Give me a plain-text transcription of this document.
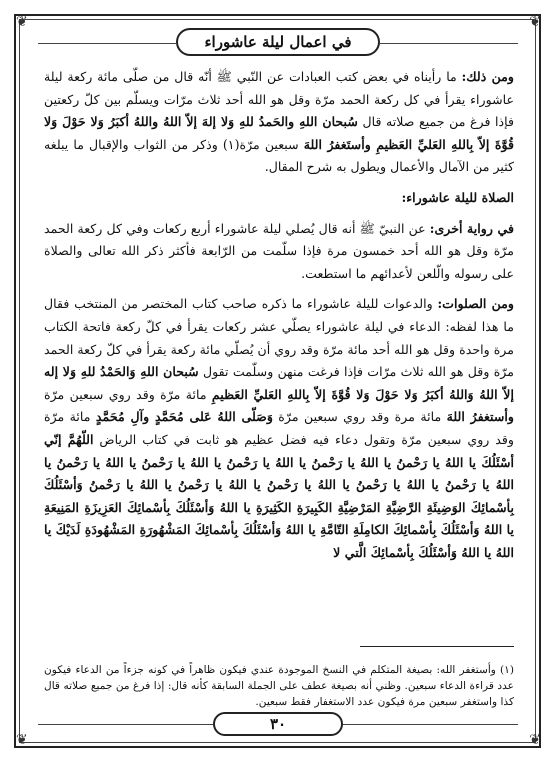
❦	❦
❦	❦
في اعمال ليلة عاشوراء

ومن ذلك: ما رأيناه في بعض كتب العبادات عن النّبي ﷺ أنّه قال من صلّى مائة ركعة ليلة عاشوراء يقرأ في كل ركعة الحمد مرّة وقل هو الله أحد ثلاث مرّات ويسلّم بين كلّ ركعتين فإذا فرغ من جميع صلاته قال سُبحان اللهِ والحَمدُ للهِ وَلا إلهَ إلاّ اللهُ واللهُ أكبَرُ وَلا حَوْلَ وَلا قُوَّةَ إلاّ بِاللهِ العَليِّ العَظيمِ وأستَغفرُ اللهَ سبعين مرّة(١) وذكر من الثواب والإقبال ما يبلغه كثير من الآمال والأعمال ويطول به شرح المقال.

الصلاة لليلة عاشوراء:

في رواية أخرى: عن النبيّ ﷺ أنه قال يُصلي ليلة عاشوراء أربع ركعات وفي كل ركعة الحمد مرّة وقل هو الله أحد خمسون مرة فإذا سلّمت من الرّابعة فأكثر ذكر الله تعالى والصلاة على رسوله والّلعن لأعدائهم ما استطعت.

ومن الصلوات: والدعوات لليلة عاشوراء ما ذكره صاحب كتاب المختصر من المنتخب فقال ما هذا لفظه: الدعاء في ليلة عاشوراء يصلّي عشر ركعات يقرأ في كلّ ركعة فاتحة الكتاب مرة واحدة وقل هو الله أحد مائة مرّة وقد روي أن يُصلّي مائة ركعة يقرأ في كلّ ركعة الحمد مرّة وقل هو الله ثلاث مرّات فإذا فرغت منهن وسلّمت تقول سُبحان اللهِ وَالحَمْدُ للهِ وَلا إله إلاّ اللهُ وَاللهُ أكبَرُ وَلا حَوْلَ وَلا قُوَّةَ إلاّ بِاللهِ العَليِّ العَظيمِ مائة مرّة وقد روي سبعين مرّة وأستغفرُ اللهَ مائة مرة وقد روي سبعين مرّة وَصَلّى اللهُ عَلى مُحَمَّدٍ وآلِ مُحَمَّدٍ مائة مرّة وقد روي سبعين مرّة وتقول دعاء فيه فضل عظيم هو ثابت في كتاب الرياض اللّهُمَّ إنّي أسْئَلُكَ يا اللهُ يا رَحْمنُ يا اللهُ يا رَحْمنُ يا اللهُ يا رَحْمنُ يا اللهُ يا رَحْمنُ يا اللهُ يا رَحْمنُ يا اللهُ يا رَحْمنُ يا اللهُ يا رَحْمنُ يا اللهُ يا رَحْمنُ يا اللهُ يا رَحْمنُ يا اللهُ يا رَحْمنُ وَأسْئَلُكَ بِأسْمائِكَ الوَضِيئَةِ الرَّضِيَّةِ المَرْضِيَّةِ الكَبِيرَةِ الكَثِيرَةِ يا اللهُ وَأسْئَلُكَ بِأسْمائِكَ العَزِيزَةِ المَنِيعَةِ يا اللهُ وَأسْئَلُكَ بِأسْمائِكَ الكامِلَةِ التّامَّةِ يا اللهُ وَأسْئَلُكَ بِأسْمائِكَ المَشْهُورَةِ المَشْهُودَةِ لَدَيْكَ يا اللهُ يا اللهُ وَأسْئَلُكَ بِأسْمائِكَ الَّتي لا

(١) وأستغفر الله: بصيغة المتكلم في النسخ الموجودة عندي فيكون ظاهراً في كونه جزءاً من الدعاء فيكون عدد قراءة الدعاء سبعين. وظني أنه بصيغة عطف على الجملة السابقة كأنه قال: إذا فرغ من جميع صلاته قال كذا واستغفر سبعين مرة فيكون عدد الاستغفار فقط سبعين.

٣٠
